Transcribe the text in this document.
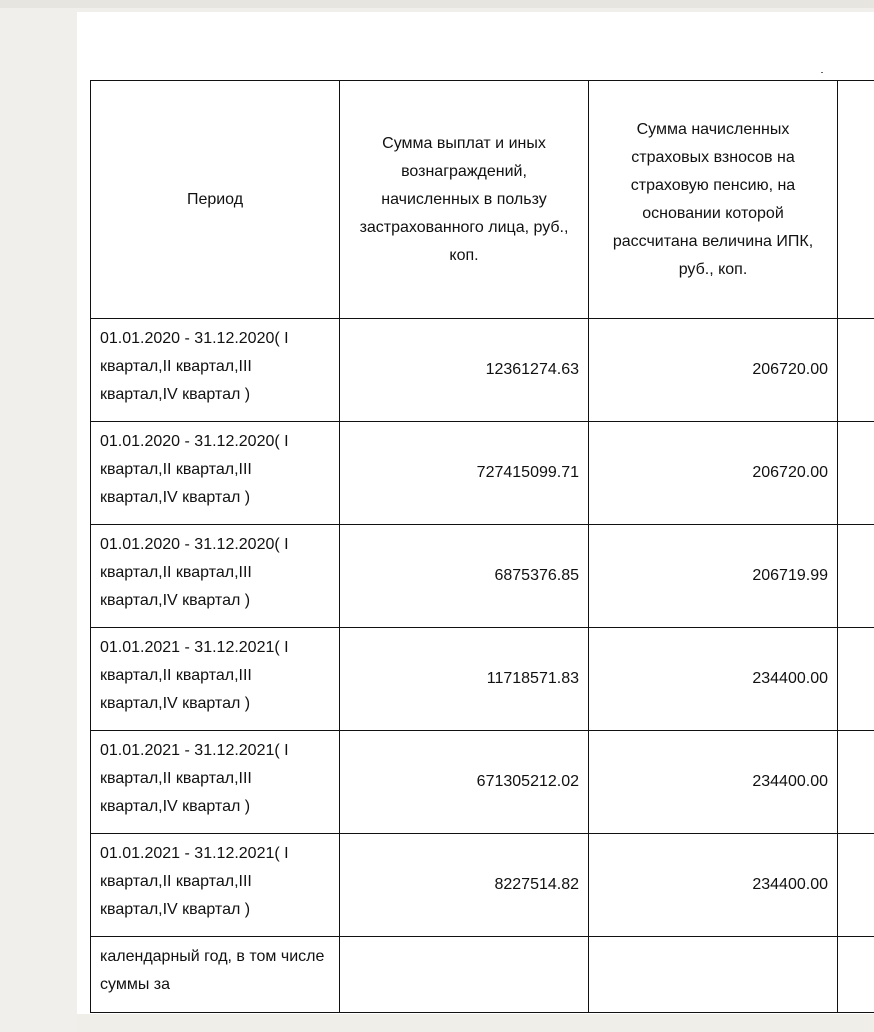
Период	Сумма выплат и иных вознаграждений, начисленных в пользу застрахованного лица, руб., коп.	Сумма начисленных страховых взносов на страховую пенсию, на основании которой рассчитана величина ИПК, руб., коп.	
01.01.2020 - 31.12.2020( I квартал,II квартал,III квартал,IV квартал )	12361274.63	206720.00	
01.01.2020 - 31.12.2020( I квартал,II квартал,III квартал,IV квартал )	727415099.71	206720.00	
01.01.2020 - 31.12.2020( I квартал,II квартал,III квартал,IV квартал )	6875376.85	206719.99	
01.01.2021 - 31.12.2021( I квартал,II квартал,III квартал,IV квартал )	11718571.83	234400.00	
01.01.2021 - 31.12.2021( I квартал,II квартал,III квартал,IV квартал )	671305212.02	234400.00	
01.01.2021 - 31.12.2021( I квартал,II квартал,III квартал,IV квартал )	8227514.82	234400.00	
календарный год, в том числе суммы за			
